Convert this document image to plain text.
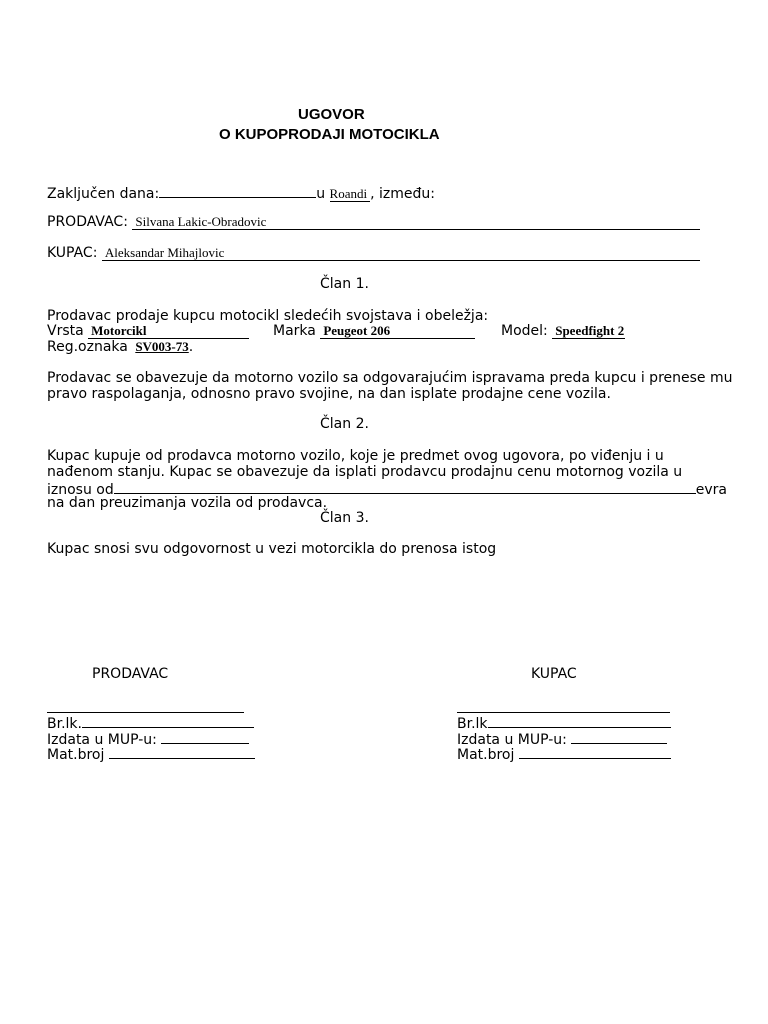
UGOVOR
O KUPOPRODAJI MOTOCIKLA
Zaključen dana:	u Roandi , između:
PRODAVAC: Silvana Lakic-Obradovic
KUPAC: Aleksandar Mihajlovic
Član 1.
Prodavac prodaje kupcu motocikl sledećih svojstava i obeležja:
Vrsta Motorcikl	Marka Peugeot 206	Model: Speedfight 2
Reg.oznaka SV003-73.
Prodavac se obavezuje da motorno vozilo sa odgovarajućim ispravama preda kupcu i prenese mu
pravo raspolaganja, odnosno pravo svojine, na dan isplate prodajne cene vozila.
Član 2.
Kupac kupuje od prodavca motorno vozilo, koje je predmet ovog ugovora, po viđenju i u
nađenom stanju. Kupac se obavezuje da isplati prodavcu prodajnu cenu motornog vozila u
iznosu od	evra
na dan preuzimanja vozila od prodavca.
Član 3.
Kupac snosi svu odgovornost u vezi motorcikla do prenosa istog
PRODAVAC
Br.lk.
Izdata u MUP-u:
Mat.broj
KUPAC
Br.lk
Izdata u MUP-u:
Mat.broj
